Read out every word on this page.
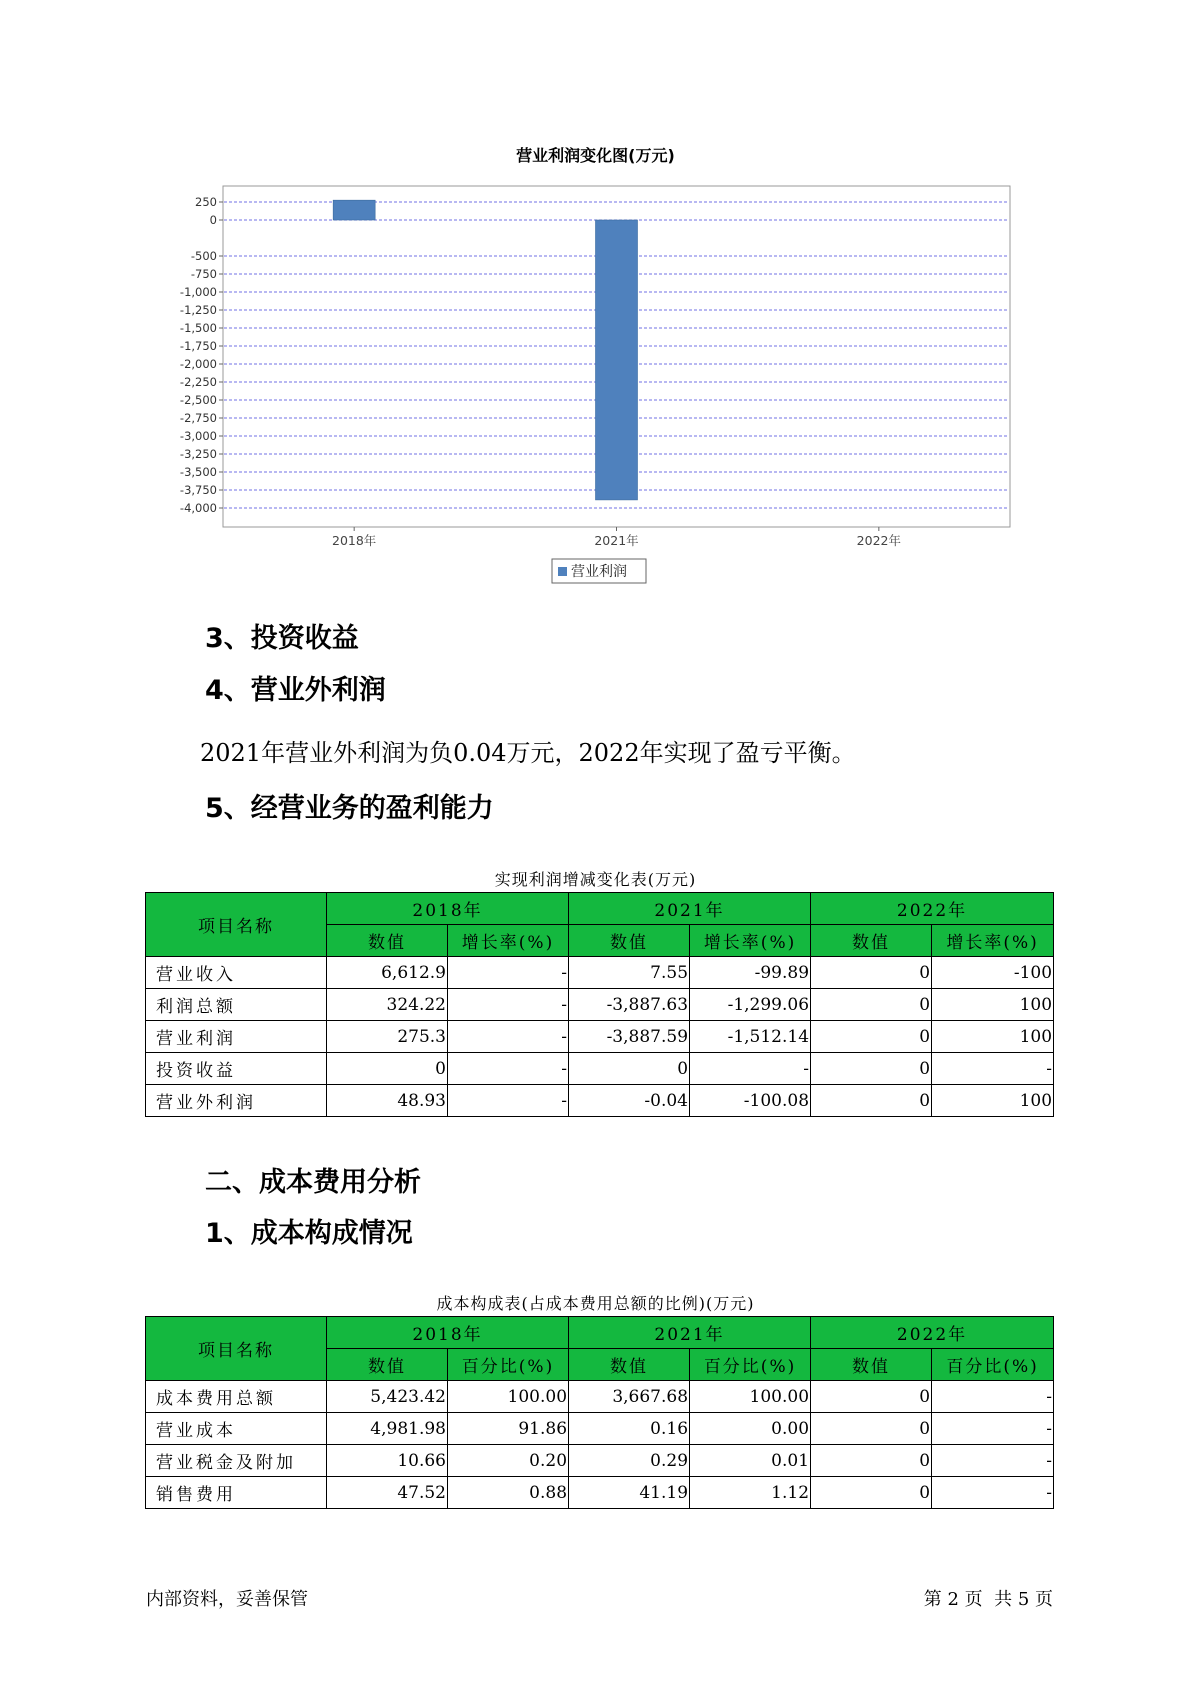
营业利润变化图(万元)
250
0
-500
-750
-1,000
-1,250
-1,500
-1,750
-2,000
-2,250
-2,500
-2,750
-3,000
-3,250
-3,500
-3,750
-4,000
2018年	2021年	2022年
营业利润
3、投资收益
4、营业外利润
2021年营业外利润为负0.04万元，2022年实现了盈亏平衡。
5、经营业务的盈利能力
实现利润增减变化表(万元)
项目名称	2018年		2021年		2022年	
	数值	增长率(%)	数值	增长率(%)	数值	增长率(%)
营业收入	6,612.9	-	7.55	-99.89	0	-100
利润总额	324.22	-	-3,887.63	-1,299.06	0	100
营业利润	275.3	-	-3,887.59	-1,512.14	0	100
投资收益	0	-	0	-	0	-
营业外利润	48.93	-	-0.04	-100.08	0	100
二、成本费用分析
1、成本构成情况
成本构成表(占成本费用总额的比例)(万元)
项目名称	2018年		2021年		2022年	
	数值	百分比(%)	数值	百分比(%)	数值	百分比(%)
成本费用总额	5,423.42	100.00	3,667.68	100.00	0	-
营业成本	4,981.98	91.86	0.16	0.00	0	-
营业税金及附加	10.66	0.20	0.29	0.01	0	-
销售费用	47.52	0.88	41.19	1.12	0	-
内部资料，妥善保管	第 2 页  共 5 页
